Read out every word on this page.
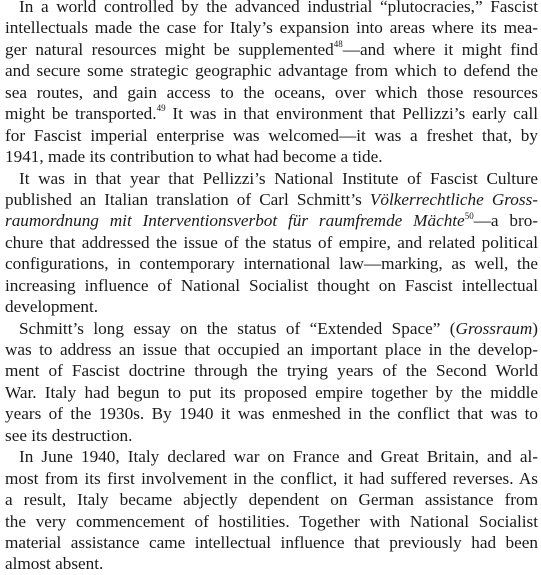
In a world controlled by the advanced industrial “plutocracies,” Fascist
intellectuals made the case for Italy’s expansion into areas where its mea-
ger natural resources might be supplemented$^{48}$—and where it might find
and secure some strategic geographic advantage from which to defend the
sea routes, and gain access to the oceans, over which those resources
might be transported.$^{49}$ It was in that environment that Pellizzi’s early call
for Fascist imperial enterprise was welcomed—it was a freshet that, by
1941, made its contribution to what had become a tide.
It was in that year that Pellizzi’s National Institute of Fascist Culture
published an Italian translation of Carl Schmitt’s Völkerrechtliche Gross-
raumordnung mit Interventionsverbot für raumfremde Mächte$^{50}$—a bro-
chure that addressed the issue of the status of empire, and related political
configurations, in contemporary international law—marking, as well, the
increasing influence of National Socialist thought on Fascist intellectual
development.
Schmitt’s long essay on the status of “Extended Space” (Grossraum)
was to address an issue that occupied an important place in the develop-
ment of Fascist doctrine through the trying years of the Second World
War. Italy had begun to put its proposed empire together by the middle
years of the 1930s. By 1940 it was enmeshed in the conflict that was to
see its destruction.
In June 1940, Italy declared war on France and Great Britain, and al-
most from its first involvement in the conflict, it had suffered reverses. As
a result, Italy became abjectly dependent on German assistance from
the very commencement of hostilities. Together with National Socialist
material assistance came intellectual influence that previously had been
almost absent.
